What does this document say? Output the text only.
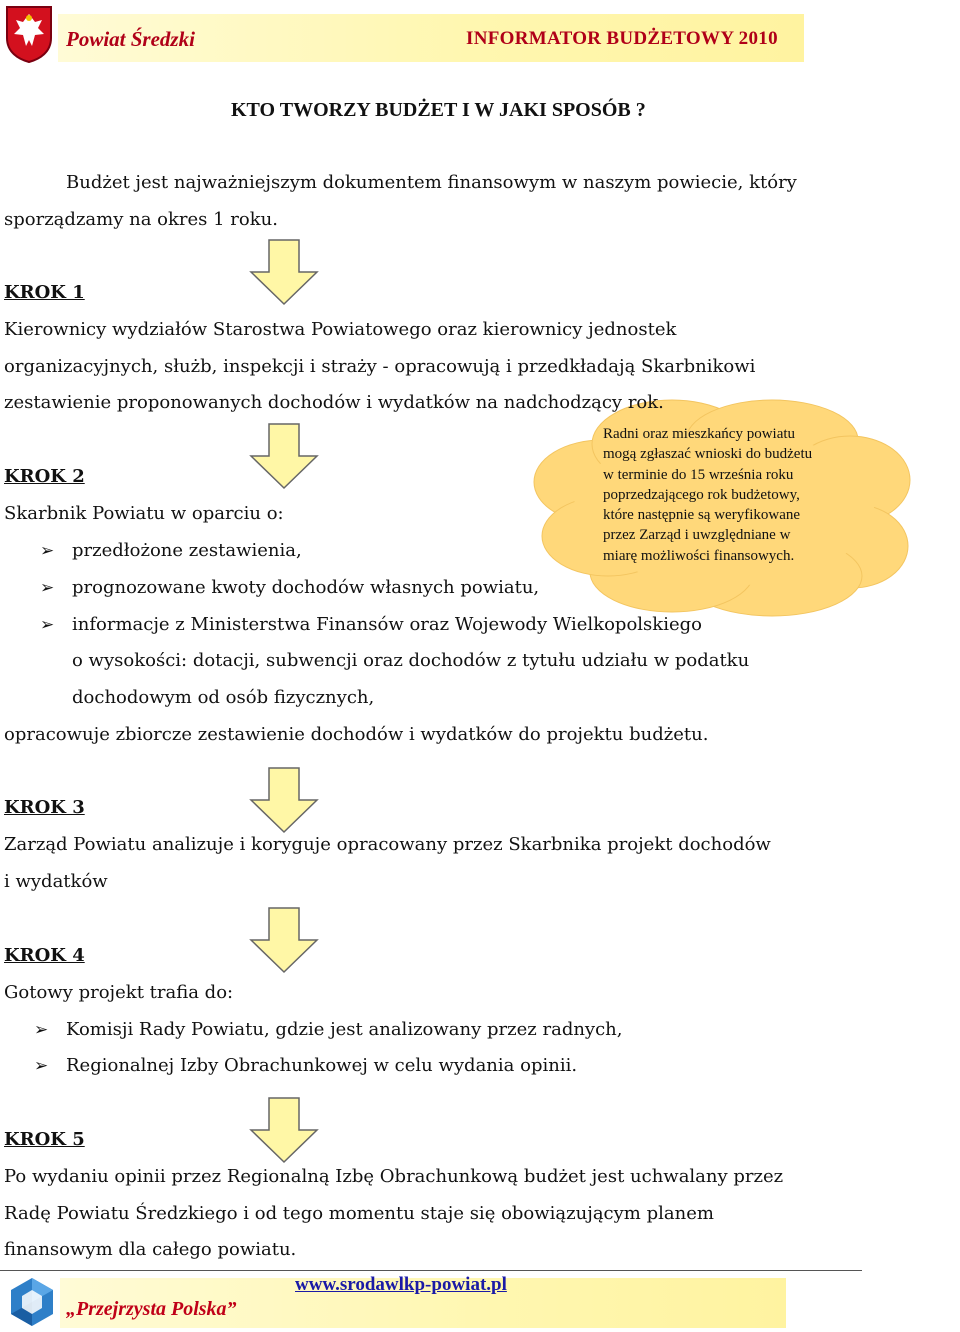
Powiat Średzki	INFORMATOR BUDŻETOWY 2010
KTO TWORZY BUDŻET I W JAKI SPOSÓB ?
Budżet jest najważniejszym dokumentem finansowym w naszym powiecie, który
sporządzamy na okres 1 roku.
KROK 1
Kierownicy wydziałów Starostwa Powiatowego oraz kierownicy jednostek
organizacyjnych, służb, inspekcji i straży - opracowują i przedkładają Skarbnikowi
zestawienie proponowanych dochodów i wydatków na nadchodzący rok.
Radni oraz mieszkańcy powiatu
mogą zgłaszać wnioski do budżetu
w terminie do 15 września roku
poprzedzającego rok budżetowy,
które następnie są weryfikowane
przez Zarząd i uwzględniane w
miarę możliwości finansowych.
KROK 2
Skarbnik Powiatu w oparciu o:
➢ przedłożone zestawienia,
➢ prognozowane kwoty dochodów własnych powiatu,
➢ informacje z Ministerstwa Finansów oraz Wojewody Wielkopolskiego
o wysokości: dotacji, subwencji oraz dochodów z tytułu udziału w podatku
dochodowym od osób fizycznych,
opracowuje zbiorcze zestawienie dochodów i wydatków do projektu budżetu.
KROK 3
Zarząd Powiatu analizuje i koryguje opracowany przez Skarbnika projekt dochodów
i wydatków
KROK 4
Gotowy projekt trafia do:
➢ Komisji Rady Powiatu, gdzie jest analizowany przez radnych,
➢ Regionalnej Izby Obrachunkowej w celu wydania opinii.
KROK 5
Po wydaniu opinii przez Regionalną Izbę Obrachunkową budżet jest uchwalany przez
Radę Powiatu Średzkiego i od tego momentu staje się obowiązującym planem
finansowym dla całego powiatu.
www.srodawlkp-powiat.pl
„Przejrzysta Polska”
